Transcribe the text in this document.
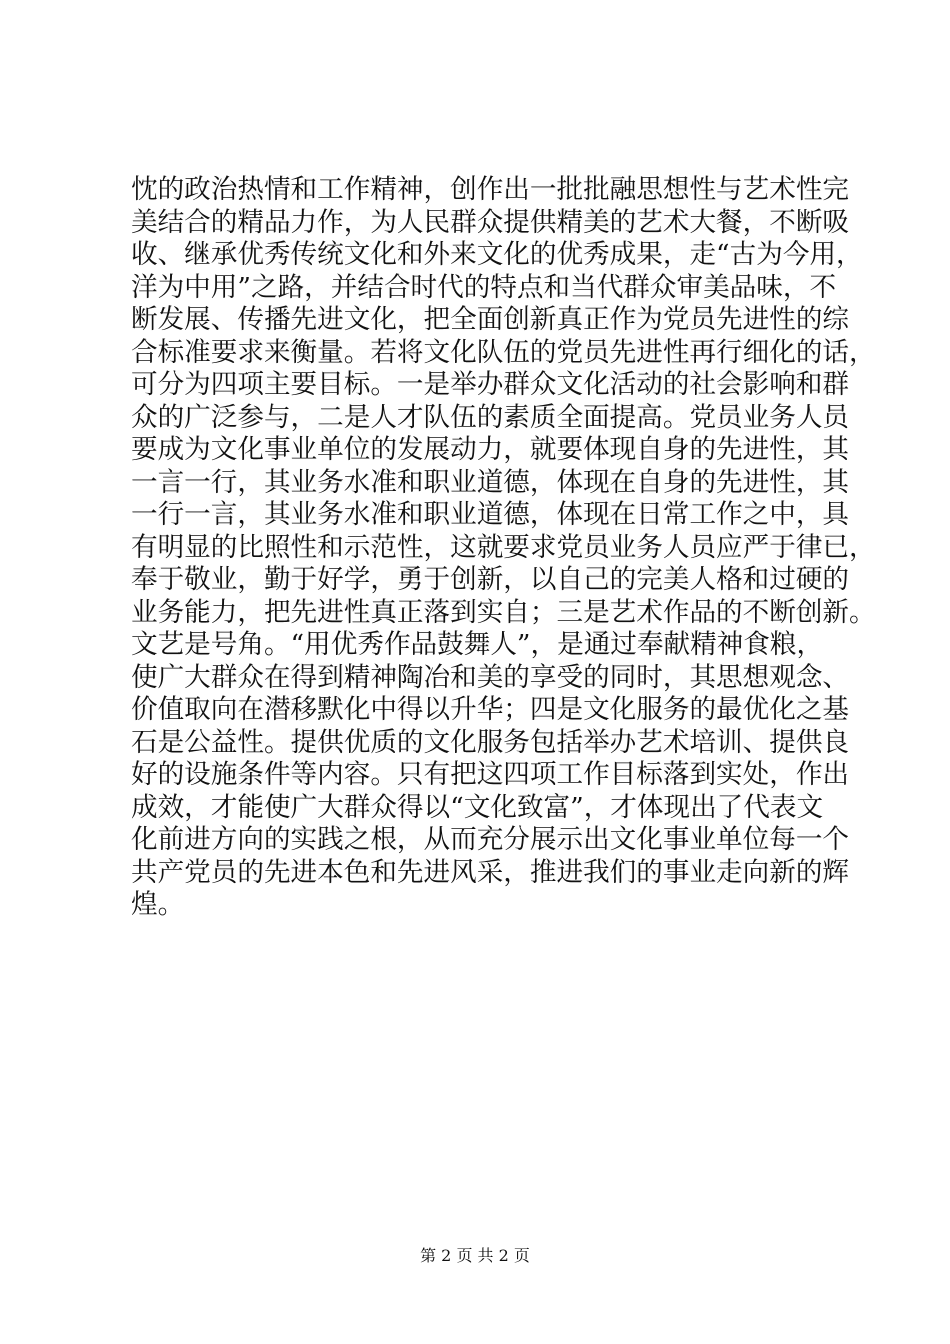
忱的政治热情和工作精神，创作出一批批融思想性与艺术性完
美结合的精品力作，为人民群众提供精美的艺术大餐，不断吸
收、继承优秀传统文化和外来文化的优秀成果，走“古为今用，
洋为中用”之路，并结合时代的特点和当代群众审美品味，不
断发展、传播先进文化，把全面创新真正作为党员先进性的综
合标准要求来衡量。若将文化队伍的党员先进性再行细化的话，
可分为四项主要目标。一是举办群众文化活动的社会影响和群
众的广泛参与，二是人才队伍的素质全面提高。党员业务人员
要成为文化事业单位的发展动力，就要体现自身的先进性，其
一言一行，其业务水准和职业道德，体现在自身的先进性，其
一行一言，其业务水准和职业道德，体现在日常工作之中，具
有明显的比照性和示范性，这就要求党员业务人员应严于律已，
奉于敬业，勤于好学，勇于创新，以自己的完美人格和过硬的
业务能力，把先进性真正落到实自；三是艺术作品的不断创新。
文艺是号角。“用优秀作品鼓舞人”，是通过奉献精神食粮，
使广大群众在得到精神陶冶和美的享受的同时，其思想观念、
价值取向在潜移默化中得以升华；四是文化服务的最优化之基
石是公益性。提供优质的文化服务包括举办艺术培训、提供良
好的设施条件等内容。只有把这四项工作目标落到实处，作出
成效，才能使广大群众得以“文化致富”，才体现出了代表文
化前进方向的实践之根，从而充分展示出文化事业单位每一个
共产党员的先进本色和先进风采，推进我们的事业走向新的辉
煌。
第 2 页 共 2 页
